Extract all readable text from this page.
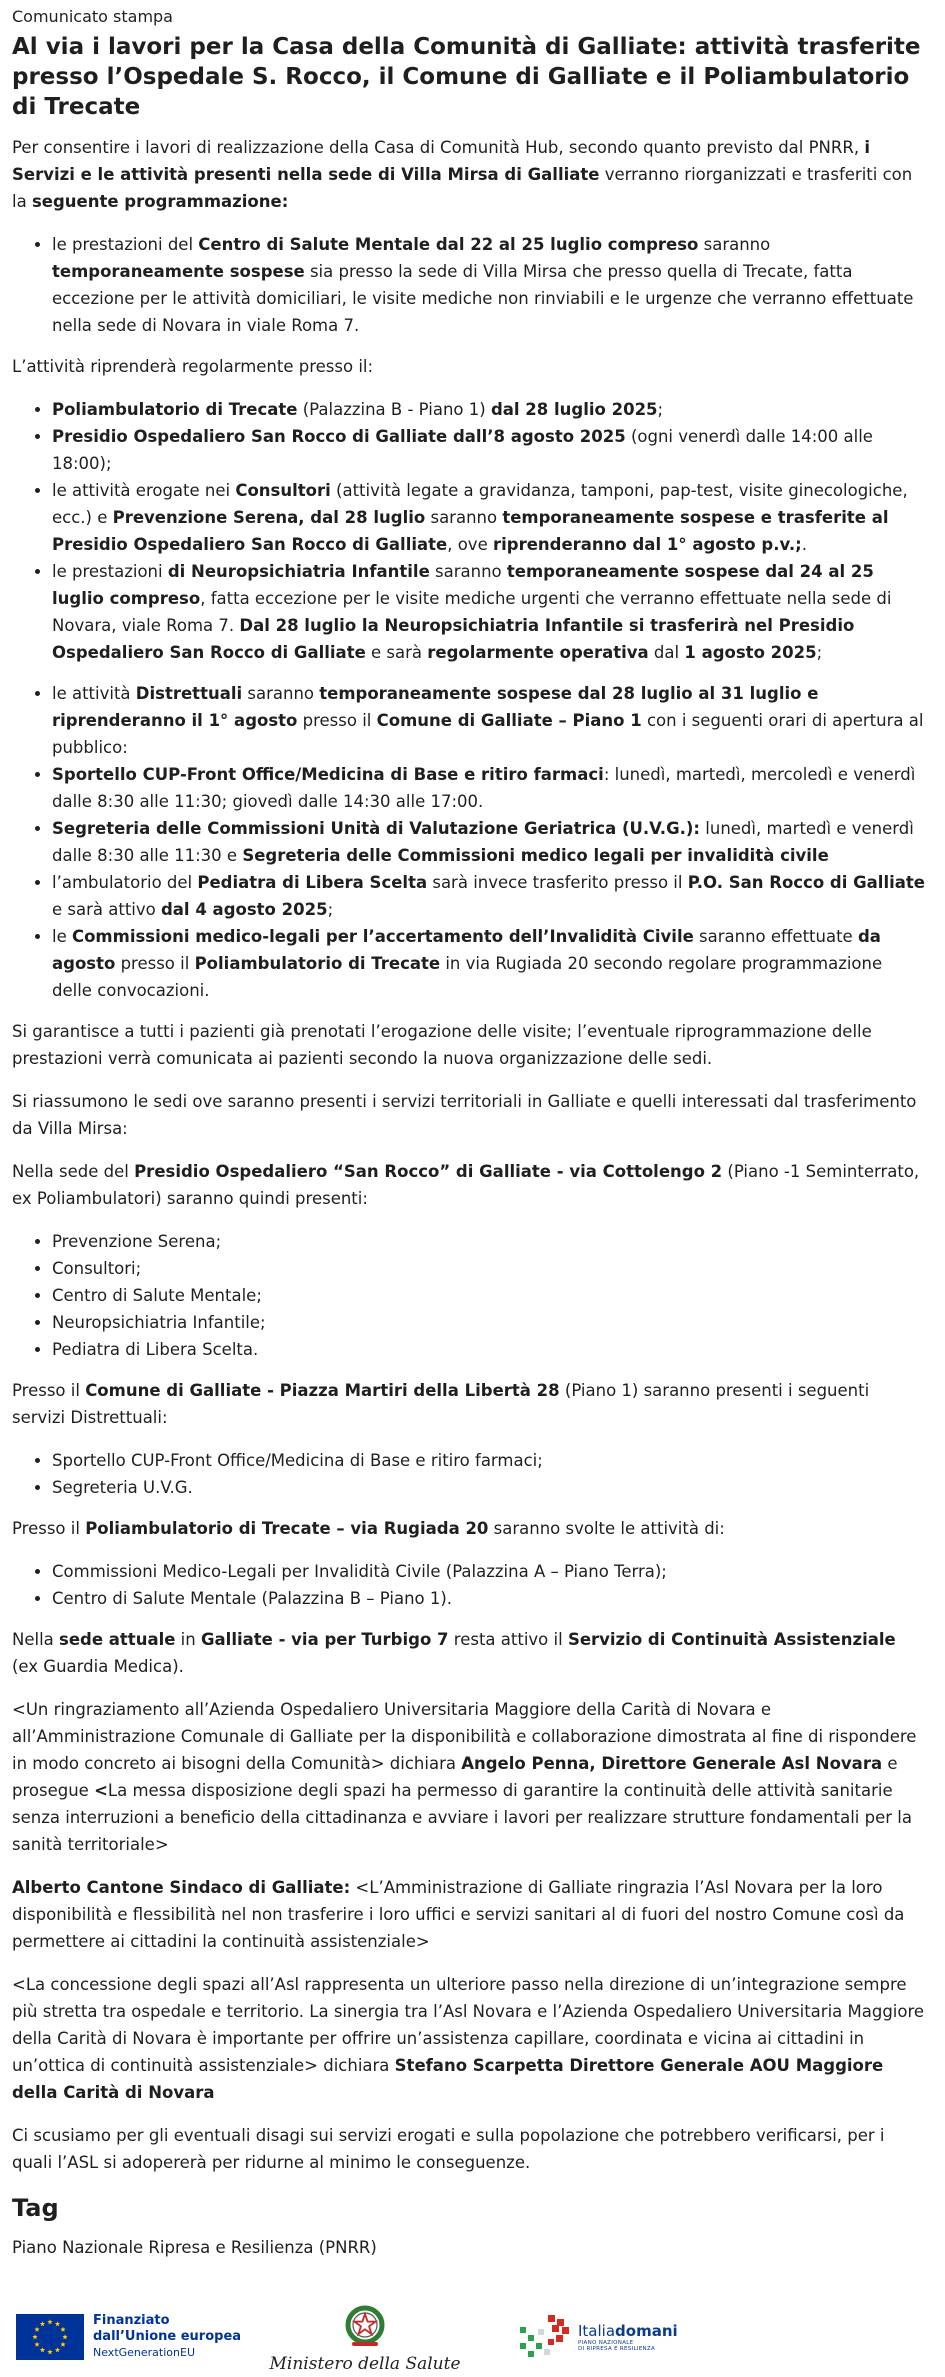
Comunicato stampa
Al via i lavori per la Casa della Comunità di Galliate: attività trasferite presso l’Ospedale S. Rocco, il Comune di Galliate e il Poliambulatorio di Trecate

Per consentire i lavori di realizzazione della Casa di Comunità Hub, secondo quanto previsto dal PNRR, i Servizi e le attività presenti nella sede di Villa Mirsa di Galliate verranno riorganizzati e trasferiti con la seguente programmazione:

• le prestazioni del Centro di Salute Mentale dal 22 al 25 luglio compreso saranno temporaneamente sospese sia presso la sede di Villa Mirsa che presso quella di Trecate, fatta eccezione per le attività domiciliari, le visite mediche non rinviabili e le urgenze che verranno effettuate nella sede di Novara in viale Roma 7.

L’attività riprenderà regolarmente presso il:

• Poliambulatorio di Trecate (Palazzina B - Piano 1) dal 28 luglio 2025;
• Presidio Ospedaliero San Rocco di Galliate dall’8 agosto 2025 (ogni venerdì dalle 14:00 alle 18:00);
• le attività erogate nei Consultori (attività legate a gravidanza, tamponi, pap-test, visite ginecologiche, ecc.) e Prevenzione Serena, dal 28 luglio saranno temporaneamente sospese e trasferite al Presidio Ospedaliero San Rocco di Galliate, ove riprenderanno dal 1° agosto p.v.;.
• le prestazioni di Neuropsichiatria Infantile saranno temporaneamente sospese dal 24 al 25 luglio compreso, fatta eccezione per le visite mediche urgenti che verranno effettuate nella sede di Novara, viale Roma 7. Dal 28 luglio la Neuropsichiatria Infantile si trasferirà nel Presidio Ospedaliero San Rocco di Galliate e sarà regolarmente operativa dal 1 agosto 2025;
• le attività Distrettuali saranno temporaneamente sospese dal 28 luglio al 31 luglio e riprenderanno il 1° agosto presso il Comune di Galliate – Piano 1 con i seguenti orari di apertura al pubblico:
• Sportello CUP-Front Office/Medicina di Base e ritiro farmaci: lunedì, martedì, mercoledì e venerdì dalle 8:30 alle 11:30; giovedì dalle 14:30 alle 17:00.
• Segreteria delle Commissioni Unità di Valutazione Geriatrica (U.V.G.): lunedì, martedì e venerdì dalle 8:30 alle 11:30 e Segreteria delle Commissioni medico legali per invalidità civile
• l’ambulatorio del Pediatra di Libera Scelta sarà invece trasferito presso il P.O. San Rocco di Galliate e sarà attivo dal 4 agosto 2025;
• le Commissioni medico-legali per l’accertamento dell’Invalidità Civile saranno effettuate da agosto presso il Poliambulatorio di Trecate in via Rugiada 20 secondo regolare programmazione delle convocazioni.

Si garantisce a tutti i pazienti già prenotati l’erogazione delle visite; l’eventuale riprogrammazione delle prestazioni verrà comunicata ai pazienti secondo la nuova organizzazione delle sedi.

Si riassumono le sedi ove saranno presenti i servizi territoriali in Galliate e quelli interessati dal trasferimento da Villa Mirsa:

Nella sede del Presidio Ospedaliero “San Rocco” di Galliate - via Cottolengo 2 (Piano -1 Seminterrato, ex Poliambulatori) saranno quindi presenti:

• Prevenzione Serena;
• Consultori;
• Centro di Salute Mentale;
• Neuropsichiatria Infantile;
• Pediatra di Libera Scelta.

Presso il Comune di Galliate - Piazza Martiri della Libertà 28 (Piano 1) saranno presenti i seguenti servizi Distrettuali:

• Sportello CUP-Front Office/Medicina di Base e ritiro farmaci;
• Segreteria U.V.G.

Presso il Poliambulatorio di Trecate – via Rugiada 20 saranno svolte le attività di:

• Commissioni Medico-Legali per Invalidità Civile (Palazzina A – Piano Terra);
• Centro di Salute Mentale (Palazzina B – Piano 1).

Nella sede attuale in Galliate - via per Turbigo 7 resta attivo il Servizio di Continuità Assistenziale (ex Guardia Medica).

<Un ringraziamento all’Azienda Ospedaliero Universitaria Maggiore della Carità di Novara e all’Amministrazione Comunale di Galliate per la disponibilità e collaborazione dimostrata al fine di rispondere in modo concreto ai bisogni della Comunità> dichiara Angelo Penna, Direttore Generale Asl Novara e prosegue <La messa disposizione degli spazi ha permesso di garantire la continuità delle attività sanitarie senza interruzioni a beneficio della cittadinanza e avviare i lavori per realizzare strutture fondamentali per la sanità territoriale>

Alberto Cantone Sindaco di Galliate: <L’Amministrazione di Galliate ringrazia l’Asl Novara per la loro disponibilità e flessibilità nel non trasferire i loro uffici e servizi sanitari al di fuori del nostro Comune così da permettere ai cittadini la continuità assistenziale>

<La concessione degli spazi all’Asl rappresenta un ulteriore passo nella direzione di un’integrazione sempre più stretta tra ospedale e territorio. La sinergia tra l’Asl Novara e l’Azienda Ospedaliero Universitaria Maggiore della Carità di Novara è importante per offrire un’assistenza capillare, coordinata e vicina ai cittadini in un’ottica di continuità assistenziale> dichiara Stefano Scarpetta Direttore Generale AOU Maggiore della Carità di Novara

Ci scusiamo per gli eventuali disagi sui servizi erogati e sulla popolazione che potrebbero verificarsi, per i quali l’ASL si adopererà per ridurne al minimo le conseguenze.

Tag
Piano Nazionale Ripresa e Resilienza (PNRR)
Finanziato
dall’Unione europea
NextGenerationEU
Ministero della Salute
Italiadomani
PIANO NAZIONALE
DI RIPRESA E RESILIENZA
